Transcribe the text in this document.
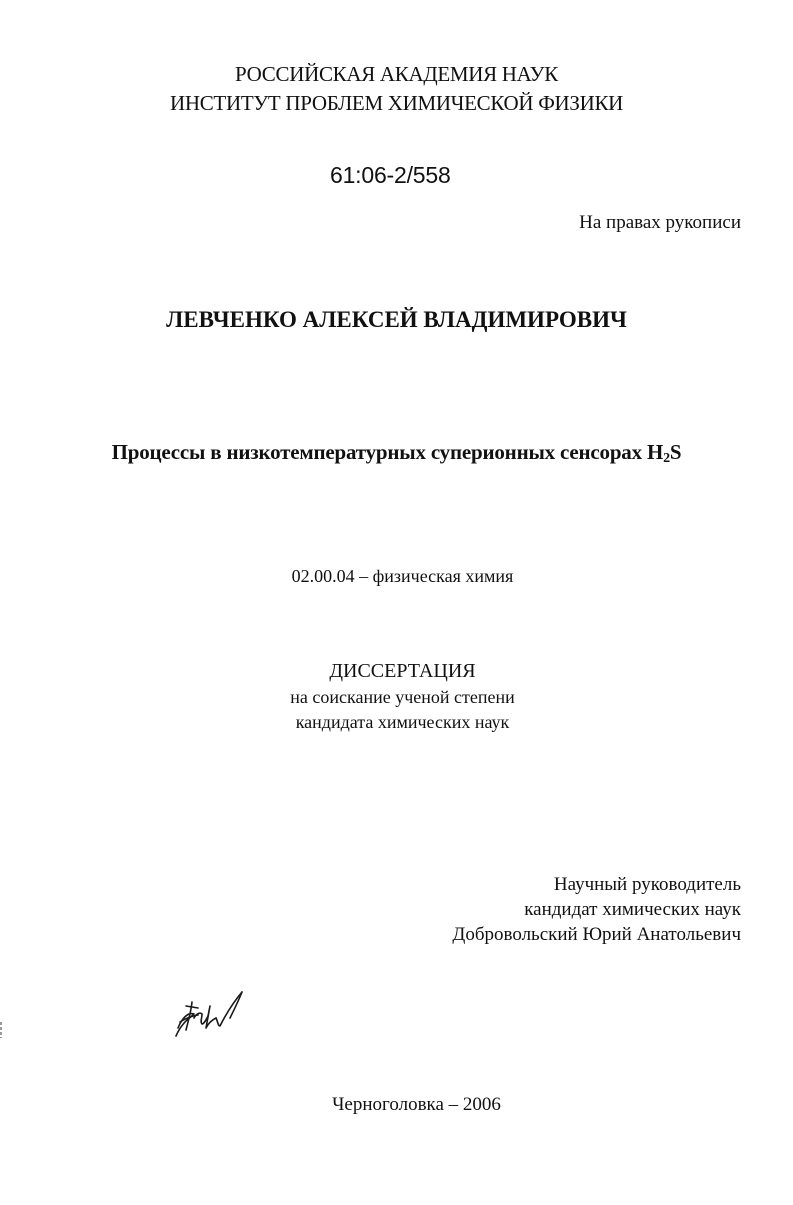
РОССИЙСКАЯ АКАДЕМИЯ НАУК
ИНСТИТУТ ПРОБЛЕМ ХИМИЧЕСКОЙ ФИЗИКИ
61:06-2/558
На правах рукописи
ЛЕВЧЕНКО АЛЕКСЕЙ ВЛАДИМИРОВИЧ
Процессы в низкотемпературных суперионных сенсорах $H_2S$
02.00.04 – физическая химия
ДИССЕРТАЦИЯ
на соискание ученой степени
кандидата химических наук
Научный руководитель
кандидат химических наук
Добровольский Юрий Анатольевич
Черноголовка – 2006
